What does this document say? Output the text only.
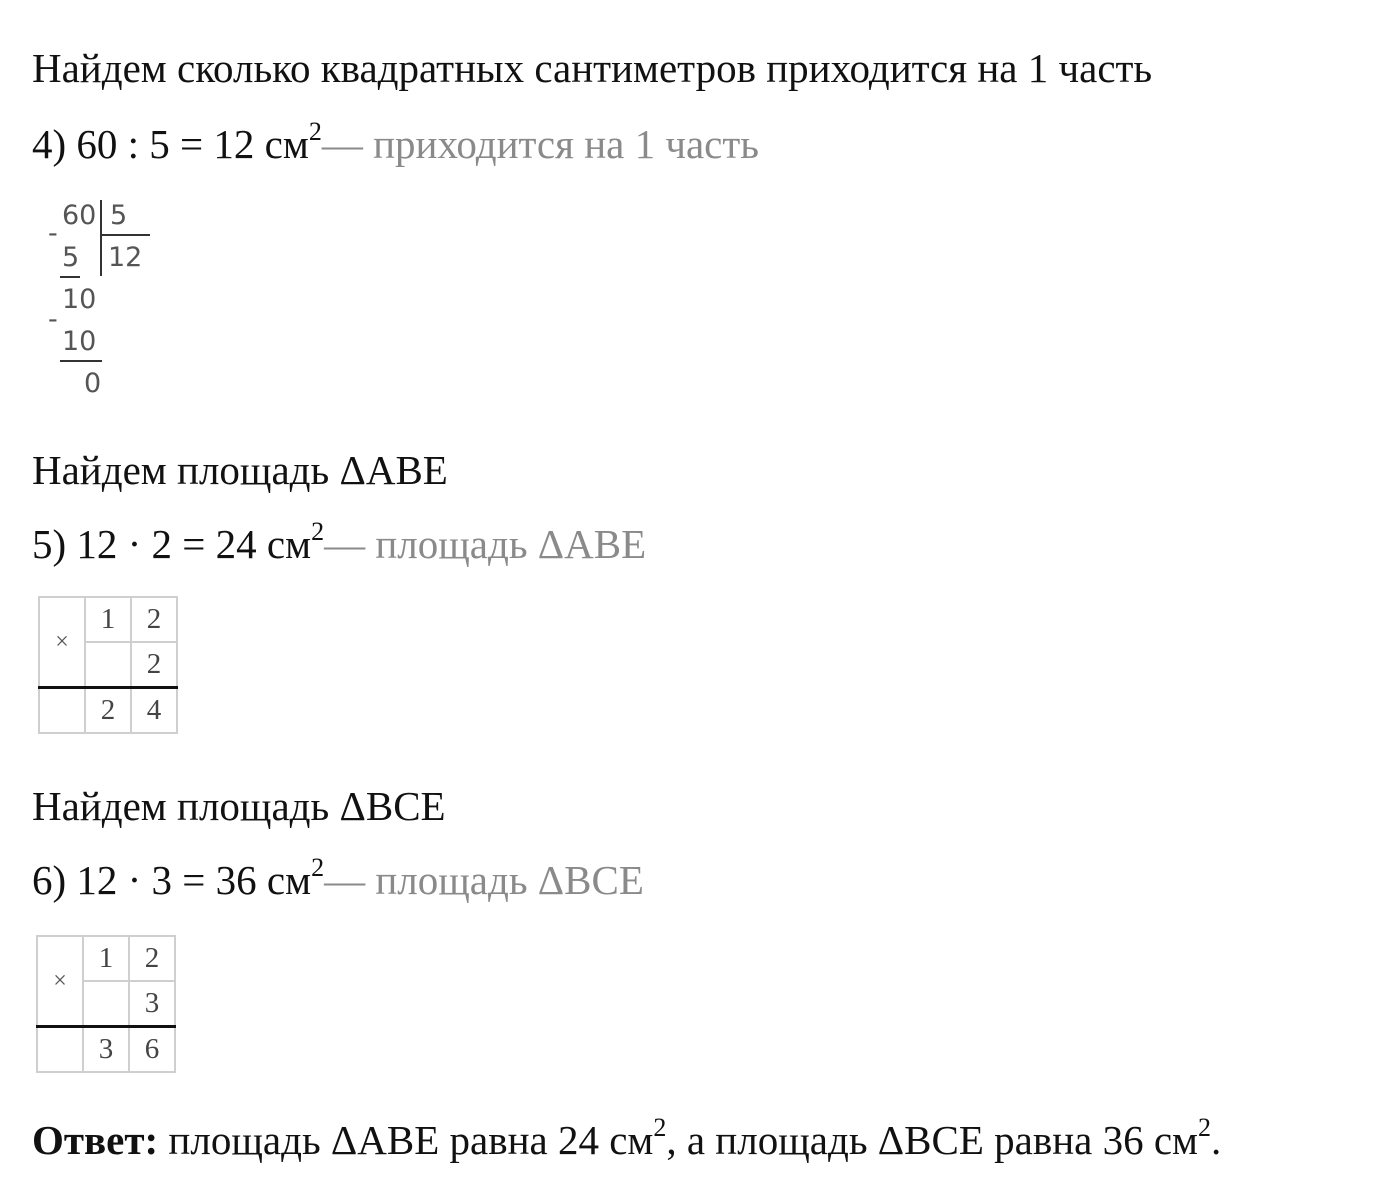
Найдем сколько квадратных сантиметров приходится на 1 часть
4) 60 : 5 = 12 $см^2—$ приходится на 1 часть
60 5
12
-
5
10
-
10
0
Найдем площадь ΔABE
5) 12 · 2 = 24 $см^2—$ площадь ΔABE
×	1	2
		2
	2	4
Найдем площадь ΔBCE
6) 12 · 3 = 36 $см^2—$ площадь ΔBCE
×	1	2
		3
	3	6
Ответ: площадь ΔABE равна 24 $см^2$, а площадь ΔBCE равна 36 $см^2$.
